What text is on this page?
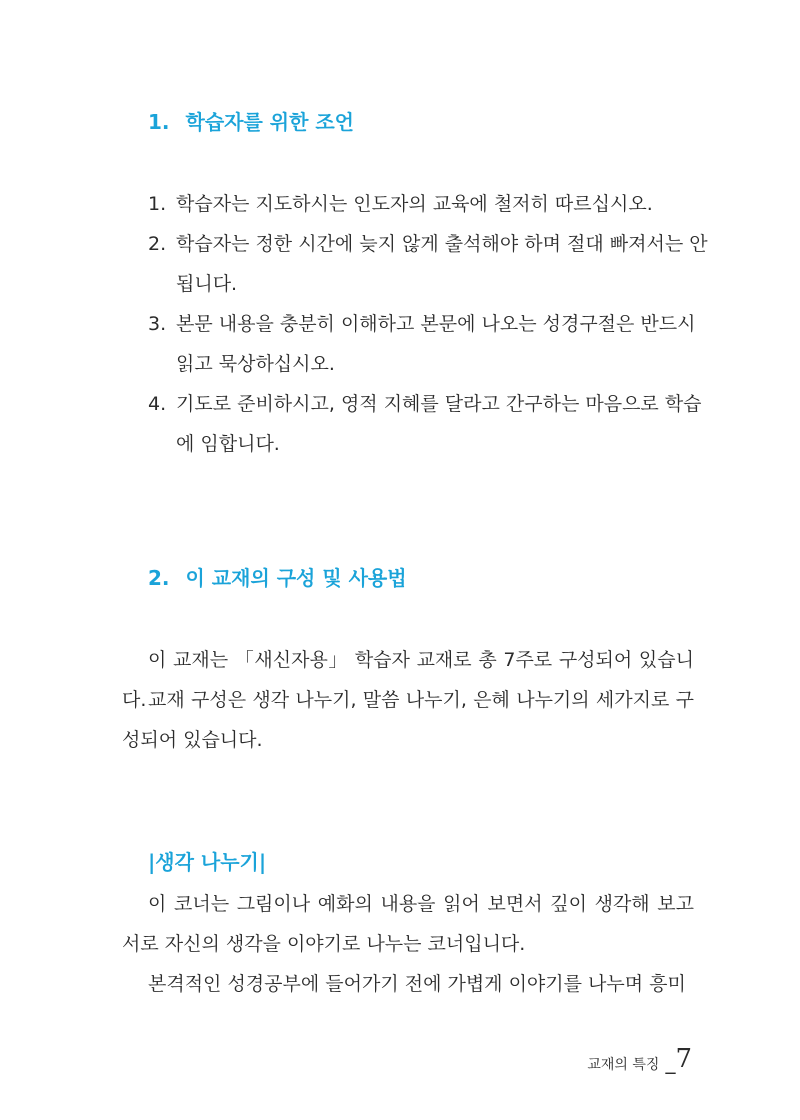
1. 학습자를 위한 조언
1. 학습자는 지도하시는 인도자의 교육에 철저히 따르십시오.
2. 학습자는 정한 시간에 늦지 않게 출석해야 하며 절대 빠져서는 안 됩니다.
3. 본문 내용을 충분히 이해하고 본문에 나오는 성경구절은 반드시 읽고 묵상하십시오.
4. 기도로 준비하시고, 영적 지혜를 달라고 간구하는 마음으로 학습에 임합니다.
2. 이 교재의 구성 및 사용법
이 교재는 「새신자용」 학습자 교재로 총 7주로 구성되어 있습니다. 교재 구성은 생각 나누기, 말씀 나누기, 은혜 나누기의 세가지로 구성되어 있습니다.
|생각 나누기|
이 코너는 그림이나 예화의 내용을 읽어 보면서 깊이 생각해 보고 서로 자신의 생각을 이야기로 나누는 코너입니다.
본격적인 성경공부에 들어가기 전에 가볍게 이야기를 나누며 흥미
교재의 특징 _7
